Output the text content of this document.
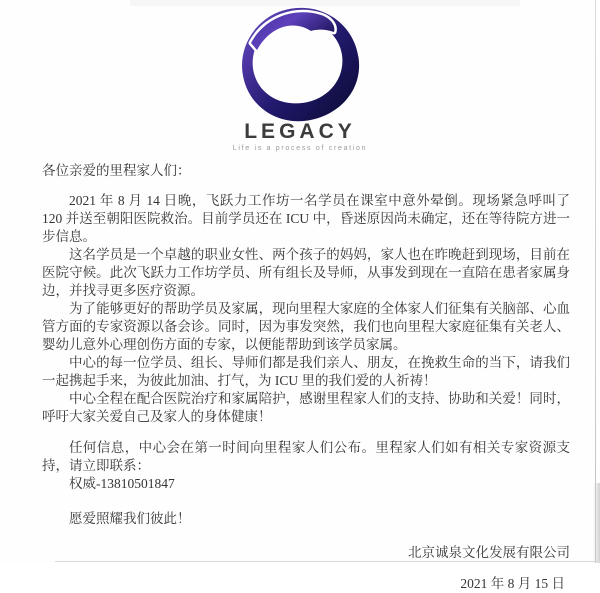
LEGACY
Life is a process of creation

各位亲爱的里程家人们：

2021 年 8 月 14 日晚，飞跃力工作坊一名学员在课室中意外晕倒。现场紧急呼叫了 120 并送至朝阳医院救治。目前学员还在 ICU 中，昏迷原因尚未确定，还在等待院方进一步信息。

这名学员是一个卓越的职业女性、两个孩子的妈妈，家人也在昨晚赶到现场，目前在医院守候。此次飞跃力工作坊学员、所有组长及导师，从事发到现在一直陪在患者家属身边，并找寻更多医疗资源。

为了能够更好的帮助学员及家属，现向里程大家庭的全体家人们征集有关脑部、心血管方面的专家资源以备会诊。同时，因为事发突然，我们也向里程大家庭征集有关老人、婴幼儿意外心理创伤方面的专家，以便能帮助到该学员家属。

中心的每一位学员、组长、导师们都是我们亲人、朋友，在挽救生命的当下，请我们一起携起手来，为彼此加油、打气，为 ICU 里的我们爱的人祈祷！

中心全程在配合医院治疗和家属陪护，感谢里程家人们的支持、协助和关爱！同时，呼吁大家关爱自己及家人的身体健康！

任何信息，中心会在第一时间向里程家人们公布。里程家人们如有相关专家资源支持，请立即联系：

权威-13810501847

愿爱照耀我们彼此！

北京诚泉文化发展有限公司

2021 年 8 月 15 日
